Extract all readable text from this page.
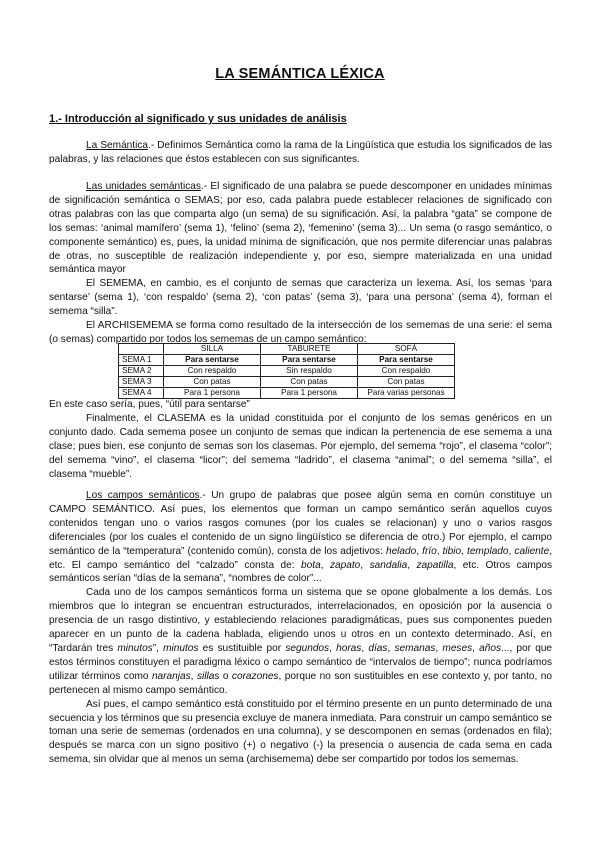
LA SEMÁNTICA LÉXICA
1.- Introducción al significado y sus unidades de análisis

La Semántica.- Definimos Semántica como la rama de la Lingüística que estudia los significados de las palabras, y las relaciones que éstos establecen con sus significantes.

Las unidades semánticas.- El significado de una palabra se puede descomponer en unidades mínimas de significación semántica o SEMAS; por eso, cada palabra puede establecer relaciones de significado con otras palabras con las que comparta algo (un sema) de su significación. Así, la palabra “gata” se compone de los semas: ‘animal mamífero’ (sema 1), ‘felino’ (sema 2), ‘femenino’ (sema 3)... Un sema (o rasgo semántico, o componente semántico) es, pues, la unidad mínima de significación, que nos permite diferenciar unas palabras de otras, no susceptible de realización independiente y, por eso, siempre materializada en una unidad semántica mayor

El SEMEMA, en cambio, es el conjunto de semas que caracteriza un lexema. Así, los semas ‘para sentarse’ (sema 1), ‘con respaldo’ (sema 2), ‘con patas’ (sema 3), ‘para una persona’ (sema 4), forman el semema “silla”.

El ARCHISEMEMA se forma como resultado de la intersección de los sememas de una serie: el sema (o semas) compartido por todos los sememas de un campo semántico:

	SILLA	TABURETE	SOFÁ
SEMA 1	Para sentarse	Para sentarse	Para sentarse
SEMA 2	Con respaldo	Sin respaldo	Con respaldo
SEMA 3	Con patas	Con patas	Con patas
SEMA 4	Para 1 persona	Para 1 persona	Para varias personas

En este caso sería, pues, “útil para sentarse”

Finalmente, el CLASEMA es la unidad constituida por el conjunto de los semas genéricos en un conjunto dado. Cada semema posee un conjunto de semas que indican la pertenencia de ese semema a una clase; pues bien, ese conjunto de semas son los clasemas. Por ejemplo, del semema “rojo”, el clasema “color”; del semema “vino”, el clasema “licor”; del semema “ladrido”, el clasema “animal”; o del semema “silla”, el clasema “mueble”.

Los campos semánticos.- Un grupo de palabras que posee algún sema en común constituye un CAMPO SEMÁNTICO. Así pues, los elementos que forman un campo semántico serán aquellos cuyos contenidos tengan uno o varios rasgos comunes (por los cuales se relacionan) y uno o varios rasgos diferenciales (por los cuales el contenido de un signo lingüístico se diferencia de otro.) Por ejemplo, el campo semántico de la “temperatura” (contenido común), consta de los adjetivos: helado, frío, tibio, templado, caliente, etc. El campo semántico del “calzado” consta de: bota, zapato, sandalia, zapatilla, etc. Otros campos semánticos serían “días de la semana”, “nombres de color”...

Cada uno de los campos semánticos forma un sistema que se opone globalmente a los demás. Los miembros que lo integran se encuentran estructurados, interrelacionados, en oposición por la ausencia o presencia de un rasgo distintivo, y estableciendo relaciones paradigmáticas, pues sus componentes pueden aparecer en un punto de la cadena hablada, eligiendo unos u otros en un contexto determinado. Así, en “Tardarán tres minutos”, minutos es sustituible por segundos, horas, días, semanas, meses, años..., por que estos términos constituyen el paradigma léxico o campo semántico de “intervalos de tiempo”; nunca podríamos utilizar términos como naranjas, sillas o corazones, porque no son sustituibles en ese contexto y, por tanto, no pertenecen al mismo campo semántico.

Así pues, el campo semántico está constituido por el término presente en un punto determinado de una secuencia y los términos que su presencia excluye de manera inmediata. Para construir un campo semántico se toman una serie de sememas (ordenados en una columna), y se descomponen en semas (ordenados en fila); después se marca con un signo positivo (+) o negativo (-) la presencia o ausencia de cada sema en cada semema, sin olvidar que al menos un sema (archisemema) debe ser compartido por todos los sememas.
